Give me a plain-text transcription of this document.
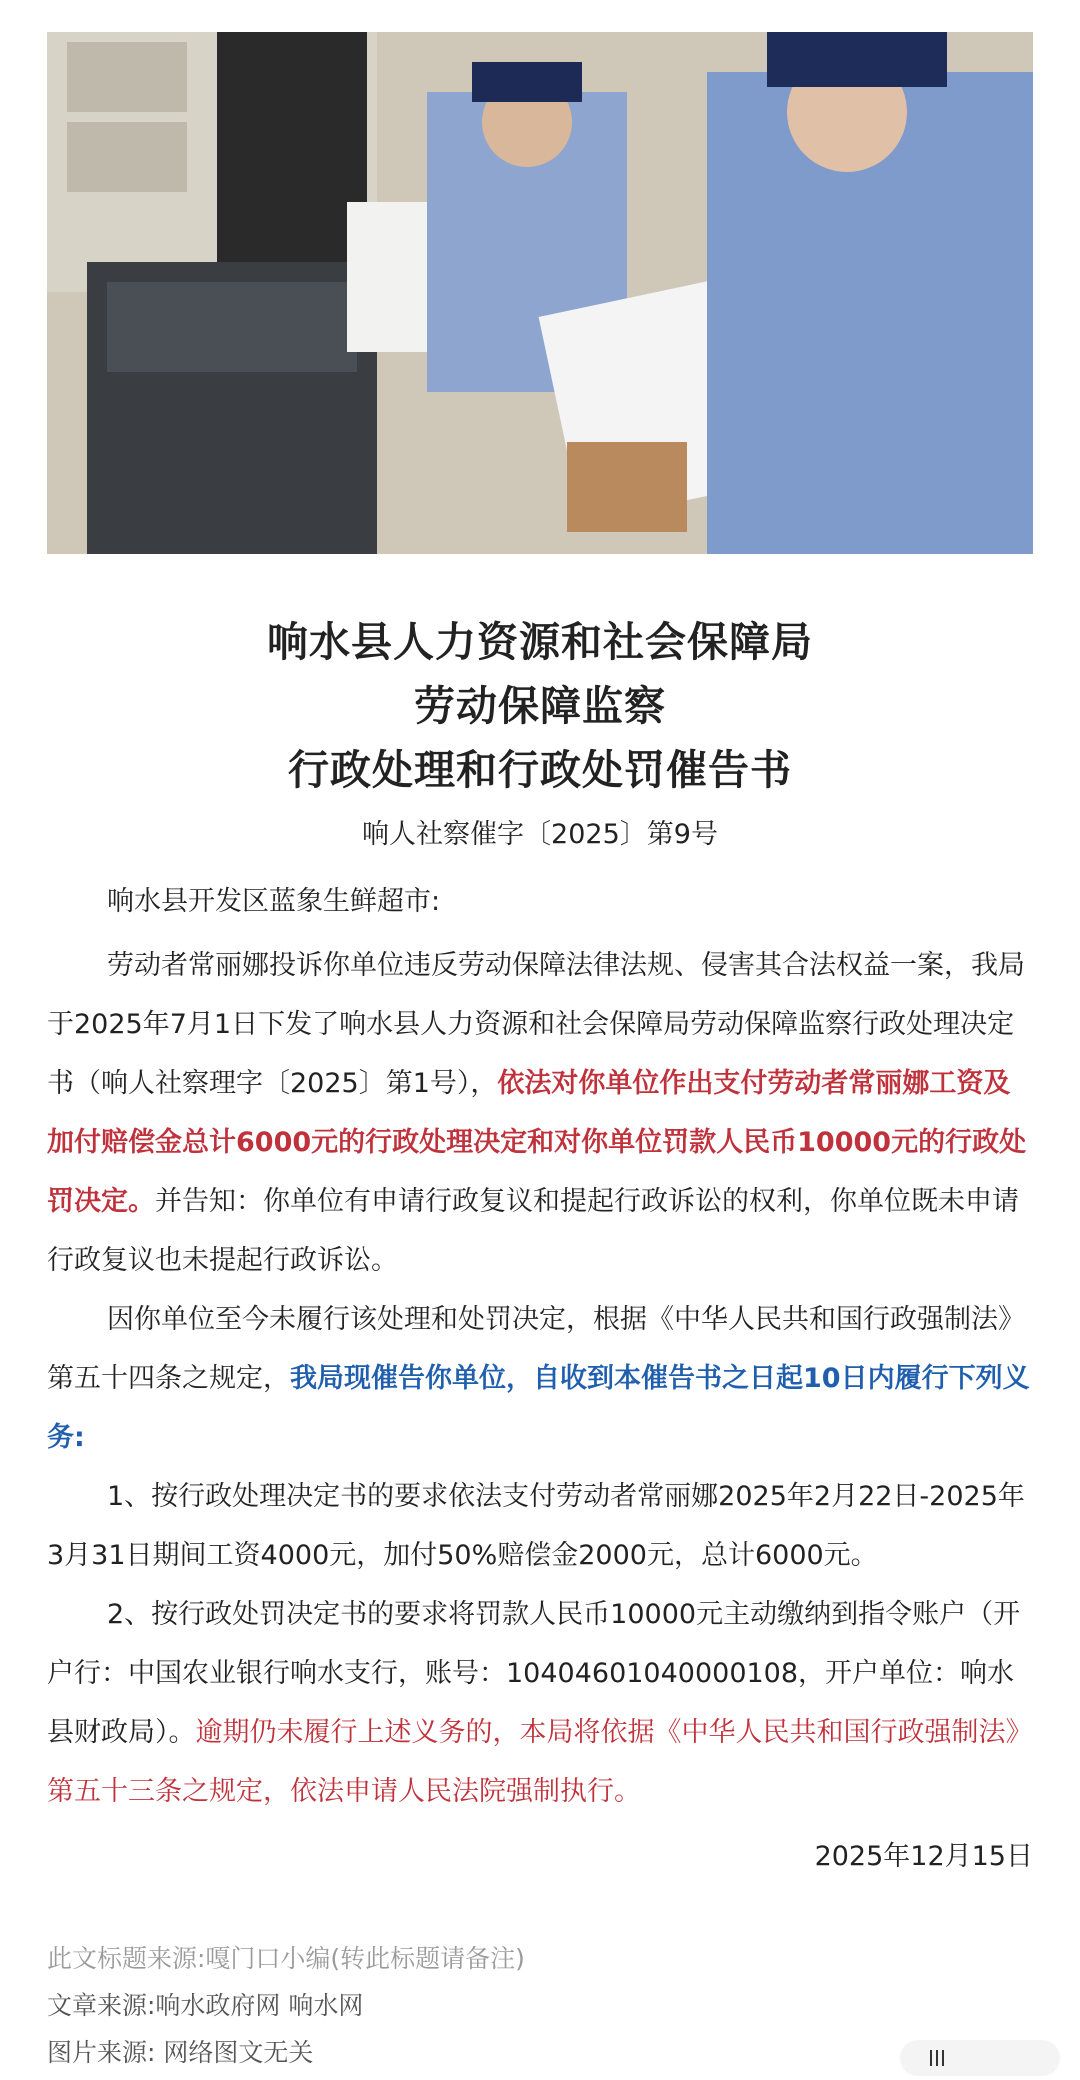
响水县人力资源和社会保障局
劳动保障监察
行政处理和行政处罚催告书
响人社察催字〔2025〕第9号

响水县开发区蓝象生鲜超市:

劳动者常丽娜投诉你单位违反劳动保障法律法规、侵害其合法权益一案，我局于2025年7月1日下发了响水县人力资源和社会保障局劳动保障监察行政处理决定书（响人社察理字〔2025〕第1号），依法对你单位作出支付劳动者常丽娜工资及加付赔偿金总计6000元的行政处理决定和对你单位罚款人民币10000元的行政处罚决定。并告知：你单位有申请行政复议和提起行政诉讼的权利，你单位既未申请行政复议也未提起行政诉讼。

因你单位至今未履行该处理和处罚决定，根据《中华人民共和国行政强制法》第五十四条之规定，我局现催告你单位，自收到本催告书之日起10日内履行下列义务:

1、按行政处理决定书的要求依法支付劳动者常丽娜2025年2月22日-2025年3月31日期间工资4000元，加付50%赔偿金2000元，总计6000元。

2、按行政处罚决定书的要求将罚款人民币10000元主动缴纳到指令账户（开户行：中国农业银行响水支行，账号：10404601040000108，开户单位：响水县财政局）。逾期仍未履行上述义务的，本局将依据《中华人民共和国行政强制法》第五十三条之规定，依法申请人民法院强制执行。

2025年12月15日
此文标题来源:嘎门口小编(转此标题请备注)
文章来源:响水政府网 响水网
图片来源: 网络图文无关
